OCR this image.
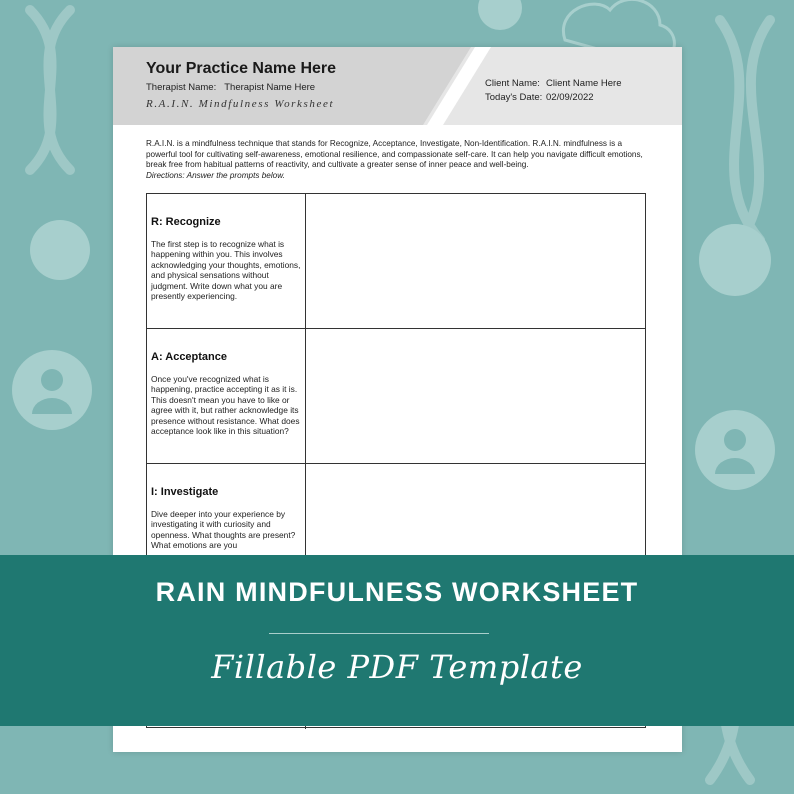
Your Practice Name Here
Therapist Name: Therapist Name Here
R.A.I.N. Mindfulness Worksheet
Client Name: Client Name Here
Today's Date: 02/09/2022
R.A.I.N. is a mindfulness technique that stands for Recognize, Acceptance, Investigate, Non-Identification. R.A.I.N. mindfulness is a powerful tool for cultivating self-awareness, emotional resilience, and compassionate self-care. It can help you navigate difficult emotions, break free from habitual patterns of reactivity, and cultivate a greater sense of inner peace and well-being.
Directions: Answer the prompts below.
R: Recognize

The first step is to recognize what is happening within you. This involves acknowledging your thoughts, emotions, and physical sensations without judgment. Write down what you are presently experiencing.

A: Acceptance

Once you've recognized what is happening, practice accepting it as it is. This doesn't mean you have to like or agree with it, but rather acknowledge its presence without resistance. What does acceptance look like in this situation?

I: Investigate

Dive deeper into your experience by investigating it with curiosity and openness. What thoughts are present? What emotions are you

RAIN MINDFULNESS WORKSHEET
Fillable PDF Template
